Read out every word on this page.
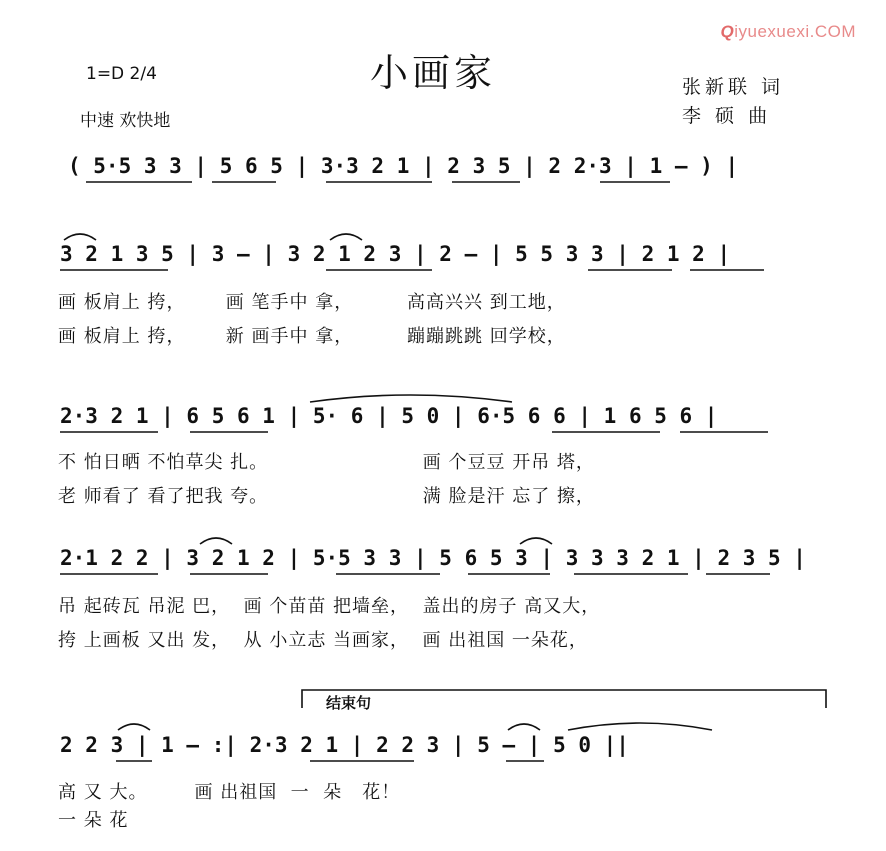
Qiyuexuexi.COM
小画家
1=D 2/4
中速 欢快地
张新联 词
李 硕 曲

( 5·5 3 3 | 5 6 5 | 3·3 2 1 | 2 3 5 | 2 2·3 | 1 — ) |

3 2 1 3 5 | 3 — | 3 2 1 2 3 | 2 — | 5 5 3 3 | 2 1 2 |

画 板肩上 挎，      画 笔手中 拿，        高高兴兴 到工地，
画 板肩上 挎，      新 画手中 拿，        蹦蹦跳跳 回学校，

2·3 2 1 | 6 5 6 1 | 5· 6 | 5 0 | 6·5 6 6 | 1 6 5 6 |

不 怕日晒 不怕草尖 扎。                       画 个豆豆 开吊 塔，
老 师看了 看了把我 夸。                       满 脸是汗 忘了 擦，

2·1 2 2 | 3 2 1 2 | 5·5 3 3 | 5 6 5 3 | 3 3 3 2 1 | 2 3 5 |

吊 起砖瓦 吊泥 巴，  画 个苗苗 把墙垒，  盖出的房子 高又大，
挎 上画板 又出 发，  从 小立志 当画家，  画 出祖国 一朵花，
结束句

2 2 3 | 1 — :| 2·3 2 1 | 2 2 3 | 5 — | 5 0 ||

高 又 大。       画 出祖国  一  朵   花！
一 朵 花
